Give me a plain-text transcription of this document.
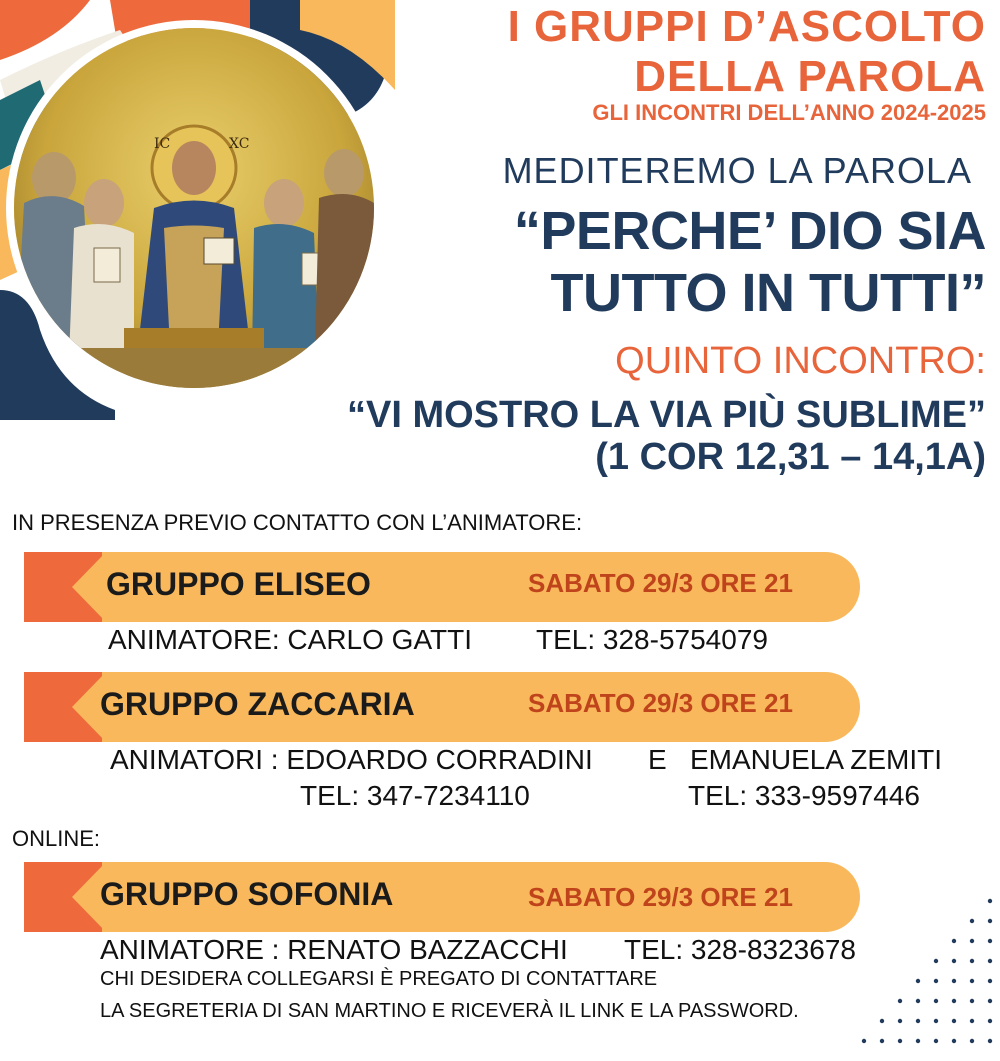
IC	XC
I GRUPPI D’ASCOLTO
DELLA PAROLA
GLI INCONTRI DELL’ANNO 2024-2025
MEDITEREMO LA PAROLA
“PERCHE’ DIO SIA
TUTTO IN TUTTI”
QUINTO INCONTRO:
“VI MOSTRO LA VIA PIÙ SUBLIME”
(1 COR 12,31 – 14,1A)
IN PRESENZA PREVIO CONTATTO CON L’ANIMATORE:
GRUPPO ELISEO	SABATO 29/3 ORE 21
ANIMATORE: CARLO GATTI TEL: 328-5754079
GRUPPO ZACCARIA	SABATO 29/3 ORE 21
ANIMATORI : EDOARDO CORRADINI E EMANUELA ZEMITI
TEL: 347-7234110	TEL: 333-9597446
ONLINE:
GRUPPO SOFONIA	SABATO 29/3 ORE 21
ANIMATORE : RENATO BAZZACCHI TEL: 328-8323678
CHI DESIDERA COLLEGARSI È PREGATO DI CONTATTARE
LA SEGRETERIA DI SAN MARTINO E RICEVERÀ IL LINK E LA PASSWORD.
